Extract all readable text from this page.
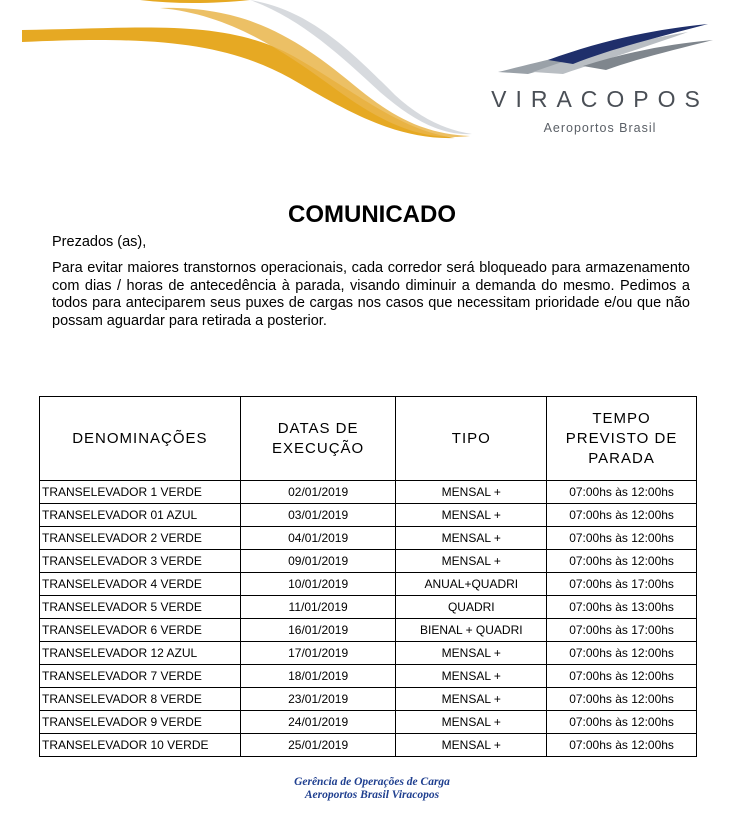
VIRACOPOS
Aeroportos Brasil
COMUNICADO
Prezados (as),
Para evitar maiores transtornos operacionais, cada corredor será bloqueado para armazenamento com dias / horas de antecedência à parada, visando diminuir a demanda do mesmo. Pedimos a todos para anteciparem seus puxes de cargas nos casos que necessitam prioridade e/ou que não possam aguardar para retirada a posterior.
DENOMINAÇÕES	DATAS DE EXECUÇÃO	TIPO	TEMPO PREVISTO DE PARADA
TRANSELEVADOR 1 VERDE	02/01/2019	MENSAL +	07:00hs às 12:00hs
TRANSELEVADOR 01 AZUL	03/01/2019	MENSAL +	07:00hs às 12:00hs
TRANSELEVADOR 2 VERDE	04/01/2019	MENSAL +	07:00hs às 12:00hs
TRANSELEVADOR 3 VERDE	09/01/2019	MENSAL +	07:00hs às 12:00hs
TRANSELEVADOR 4 VERDE	10/01/2019	ANUAL+QUADRI	07:00hs às 17:00hs
TRANSELEVADOR 5 VERDE	11/01/2019	QUADRI	07:00hs às 13:00hs
TRANSELEVADOR 6 VERDE	16/01/2019	BIENAL + QUADRI	07:00hs às 17:00hs
TRANSELEVADOR 12 AZUL	17/01/2019	MENSAL +	07:00hs às 12:00hs
TRANSELEVADOR 7 VERDE	18/01/2019	MENSAL +	07:00hs às 12:00hs
TRANSELEVADOR 8 VERDE	23/01/2019	MENSAL +	07:00hs às 12:00hs
TRANSELEVADOR 9 VERDE	24/01/2019	MENSAL +	07:00hs às 12:00hs
TRANSELEVADOR 10 VERDE	25/01/2019	MENSAL +	07:00hs às 12:00hs
Gerência de Operações de Carga
Aeroportos Brasil Viracopos
